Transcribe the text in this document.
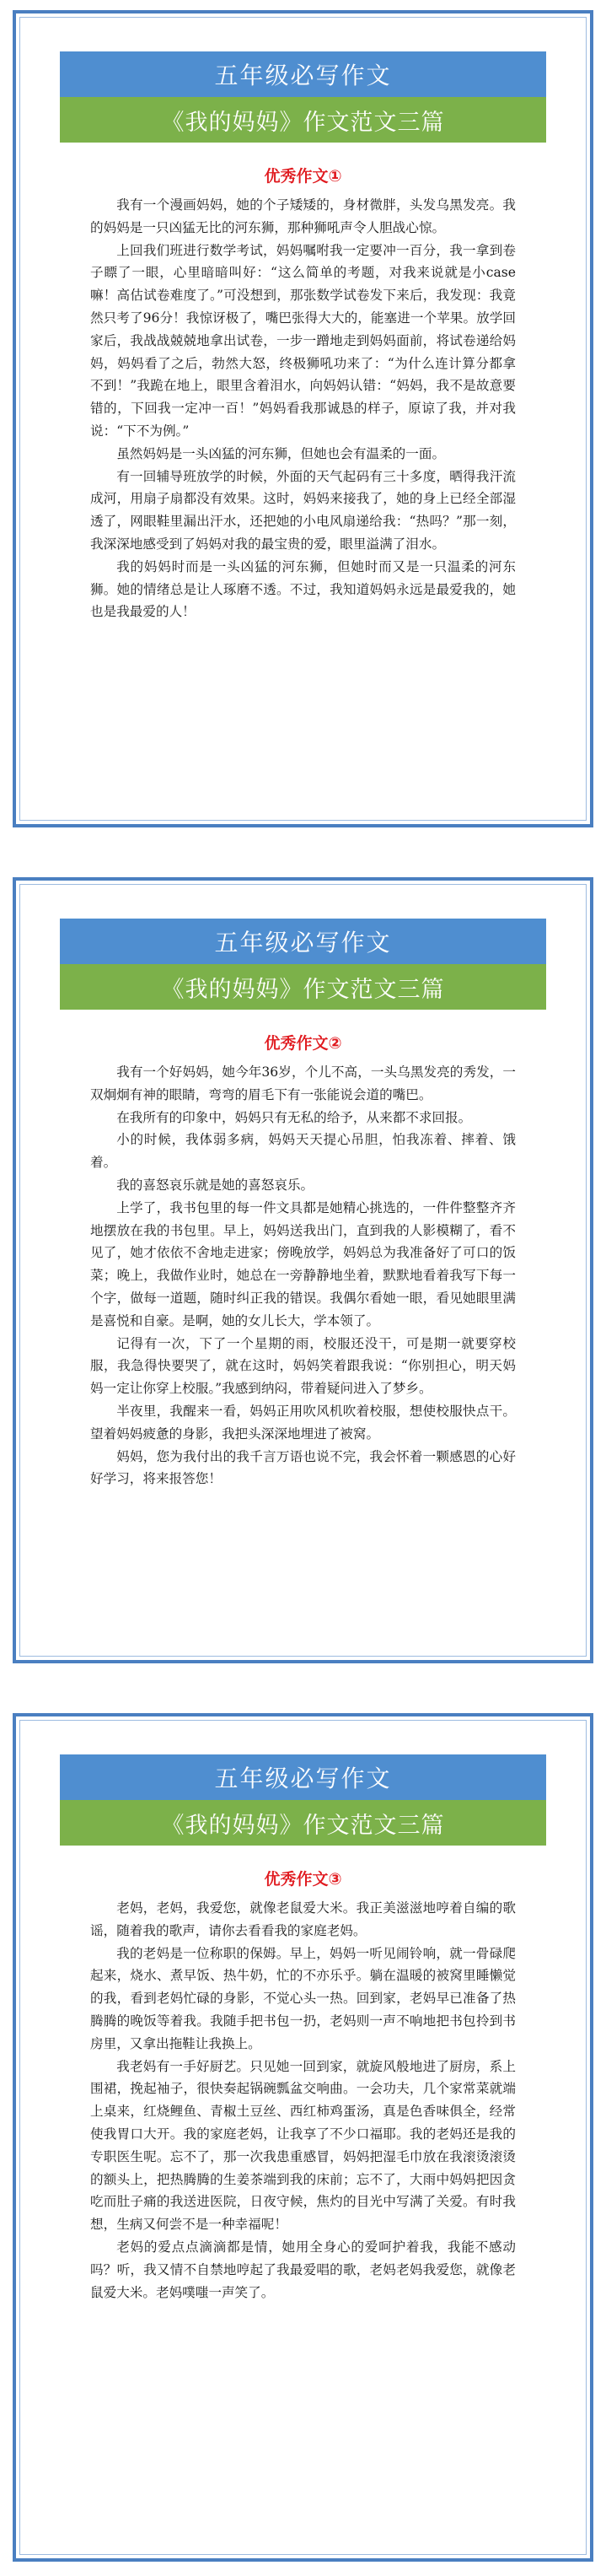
五年级必写作文
《我的妈妈》作文范文三篇
优秀作文①

我有一个漫画妈妈，她的个子矮矮的，身材微胖，头发乌黑发亮。我的妈妈是一只凶猛无比的河东狮，那种狮吼声令人胆战心惊。

上回我们班进行数学考试，妈妈嘱咐我一定要冲一百分，我一拿到卷子瞟了一眼，心里暗暗叫好：“这么简单的考题，对我来说就是小case嘛！高估试卷难度了。”可没想到，那张数学试卷发下来后，我发现：我竟然只考了96分！我惊讶极了，嘴巴张得大大的，能塞进一个苹果。放学回家后，我战战兢兢地拿出试卷，一步一蹭地走到妈妈面前，将试卷递给妈妈，妈妈看了之后，勃然大怒，终极狮吼功来了：“为什么连计算分都拿不到！”我跪在地上，眼里含着泪水，向妈妈认错：“妈妈，我不是故意要错的，下回我一定冲一百！”妈妈看我那诚恳的样子，原谅了我，并对我说：“下不为例。”

虽然妈妈是一头凶猛的河东狮，但她也会有温柔的一面。

有一回辅导班放学的时候，外面的天气起码有三十多度，晒得我汗流成河，用扇子扇都没有效果。这时，妈妈来接我了，她的身上已经全部湿透了，网眼鞋里漏出汗水，还把她的小电风扇递给我：“热吗？”那一刻，我深深地感受到了妈妈对我的最宝贵的爱，眼里溢满了泪水。

我的妈妈时而是一头凶猛的河东狮，但她时而又是一只温柔的河东狮。她的情绪总是让人琢磨不透。不过，我知道妈妈永远是最爱我的，她也是我最爱的人！

五年级必写作文
《我的妈妈》作文范文三篇
优秀作文②

我有一个好妈妈，她今年36岁，个儿不高，一头乌黑发亮的秀发，一双炯炯有神的眼睛，弯弯的眉毛下有一张能说会道的嘴巴。

在我所有的印象中，妈妈只有无私的给予，从来都不求回报。

小的时候，我体弱多病，妈妈天天提心吊胆，怕我冻着、摔着、饿着。

我的喜怒哀乐就是她的喜怒哀乐。

上学了，我书包里的每一件文具都是她精心挑选的，一件件整整齐齐地摆放在我的书包里。早上，妈妈送我出门，直到我的人影模糊了，看不见了，她才依依不舍地走进家；傍晚放学，妈妈总为我准备好了可口的饭菜；晚上，我做作业时，她总在一旁静静地坐着，默默地看着我写下每一个字，做每一道题，随时纠正我的错误。我偶尔看她一眼，看见她眼里满是喜悦和自豪。是啊，她的女儿长大，学本领了。

记得有一次，下了一个星期的雨，校服还没干，可是期一就要穿校服，我急得快要哭了，就在这时，妈妈笑着跟我说：“你别担心，明天妈妈一定让你穿上校服。”我感到纳闷，带着疑问进入了梦乡。

半夜里，我醒来一看，妈妈正用吹风机吹着校服，想使校服快点干。望着妈妈疲惫的身影，我把头深深地埋进了被窝。

妈妈，您为我付出的我千言万语也说不完，我会怀着一颗感恩的心好好学习，将来报答您！

五年级必写作文
《我的妈妈》作文范文三篇
优秀作文③

老妈，老妈，我爱您，就像老鼠爱大米。我正美滋滋地哼着自编的歌谣，随着我的歌声，请你去看看我的家庭老妈。

我的老妈是一位称职的保姆。早上，妈妈一听见闹铃响，就一骨碌爬起来，烧水、煮早饭、热牛奶，忙的不亦乐乎。躺在温暖的被窝里睡懒觉的我，看到老妈忙碌的身影，不觉心头一热。回到家，老妈早已准备了热腾腾的晚饭等着我。我随手把书包一扔，老妈则一声不响地把书包拎到书房里，又拿出拖鞋让我换上。

我老妈有一手好厨艺。只见她一回到家，就旋风般地进了厨房，系上围裙，挽起袖子，很快奏起锅碗瓢盆交响曲。一会功夫，几个家常菜就端上桌来，红烧鲤鱼、青椒土豆丝、西红柿鸡蛋汤，真是色香味俱全，经常使我胃口大开。我的家庭老妈，让我享了不少口福耶。我的老妈还是我的专职医生呢。忘不了，那一次我患重感冒，妈妈把湿毛巾放在我滚烫滚烫的额头上，把热腾腾的生姜茶端到我的床前；忘不了，大雨中妈妈把因贪吃而肚子痛的我送进医院，日夜守候，焦灼的目光中写满了关爱。有时我想，生病又何尝不是一种幸福呢！

老妈的爱点点滴滴都是情，她用全身心的爱呵护着我，我能不感动吗？听，我又情不自禁地哼起了我最爱唱的歌，老妈老妈我爱您，就像老鼠爱大米。老妈噗嗤一声笑了。
